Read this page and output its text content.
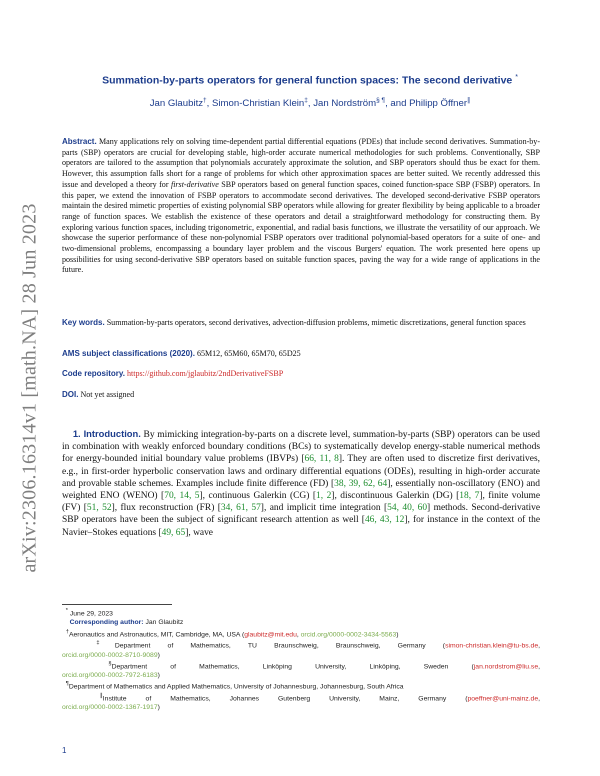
arXiv:2306.16314v1 [math.NA] 28 Jun 2023
Summation-by-parts operators for general function spaces: The second derivative *
Jan Glaubitz†, Simon-Christian Klein‡, Jan Nordström§ ¶, and Philipp Öffner∥
Abstract. Many applications rely on solving time-dependent partial differential equations (PDEs) that include second derivatives. Summation-by-parts (SBP) operators are crucial for developing stable, high-order accurate numerical methodologies for such problems. Conventionally, SBP operators are tailored to the assumption that polynomials accurately approximate the solution, and SBP operators should thus be exact for them. However, this assumption falls short for a range of problems for which other approximation spaces are better suited. We recently addressed this issue and developed a theory for first-derivative SBP operators based on general function spaces, coined function-space SBP (FSBP) operators. In this paper, we extend the innovation of FSBP operators to accommodate second derivatives. The developed second-derivative FSBP operators maintain the desired mimetic properties of existing polynomial SBP operators while allowing for greater flexibility by being applicable to a broader range of function spaces. We establish the existence of these operators and detail a straightforward methodology for constructing them. By exploring various function spaces, including trigonometric, exponential, and radial basis functions, we illustrate the versatility of our approach. We showcase the superior performance of these non-polynomial FSBP operators over traditional polynomial-based operators for a suite of one- and two-dimensional problems, encompassing a boundary layer problem and the viscous Burgers' equation. The work presented here opens up possibilities for using second-derivative SBP operators based on suitable function spaces, paving the way for a wide range of applications in the future.
Key words. Summation-by-parts operators, second derivatives, advection-diffusion problems, mimetic discretizations, general function spaces
AMS subject classifications (2020). 65M12, 65M60, 65M70, 65D25
Code repository. https://github.com/jglaubitz/2ndDerivativeFSBP
DOI. Not yet assigned
1. Introduction. By mimicking integration-by-parts on a discrete level, summation-by-parts (SBP) operators can be used in combination with weakly enforced boundary conditions (BCs) to systematically develop energy-stable numerical methods for energy-bounded initial boundary value problems (IBVPs) [66, 11, 8]. They are often used to discretize first derivatives, e.g., in first-order hyperbolic conservation laws and ordinary differential equations (ODEs), resulting in high-order accurate and provable stable schemes. Examples include finite difference (FD) [38, 39, 62, 64], essentially non-oscillatory (ENO) and weighted ENO (WENO) [70, 14, 5], continuous Galerkin (CG) [1, 2], discontinuous Galerkin (DG) [18, 7], finite volume (FV) [51, 52], flux reconstruction (FR) [34, 61, 57], and implicit time integration [54, 40, 60] methods. Second-derivative SBP operators have been the subject of significant research attention as well [46, 43, 12], for instance in the context of the Navier–Stokes equations [49, 65], wave
* June 29, 2023
Corresponding author: Jan Glaubitz
†Aeronautics and Astronautics, MIT, Cambridge, MA, USA (glaubitz@mit.edu, orcid.org/0000-0002-3434-5563)
‡Department of Mathematics, TU Braunschweig, Braunschweig, Germany (simon-christian.klein@tu-bs.de,
orcid.org/0000-0002-8710-9089)
§Department of Mathematics, Linköping University, Linköping, Sweden (jan.nordstrom@liu.se,
orcid.org/0000-0002-7972-6183)
¶Department of Mathematics and Applied Mathematics, University of Johannesburg, Johannesburg, South Africa
∥Institute of Mathematics, Johannes Gutenberg University, Mainz, Germany (poeffner@uni-mainz.de,
orcid.org/0000-0002-1367-1917)
1
